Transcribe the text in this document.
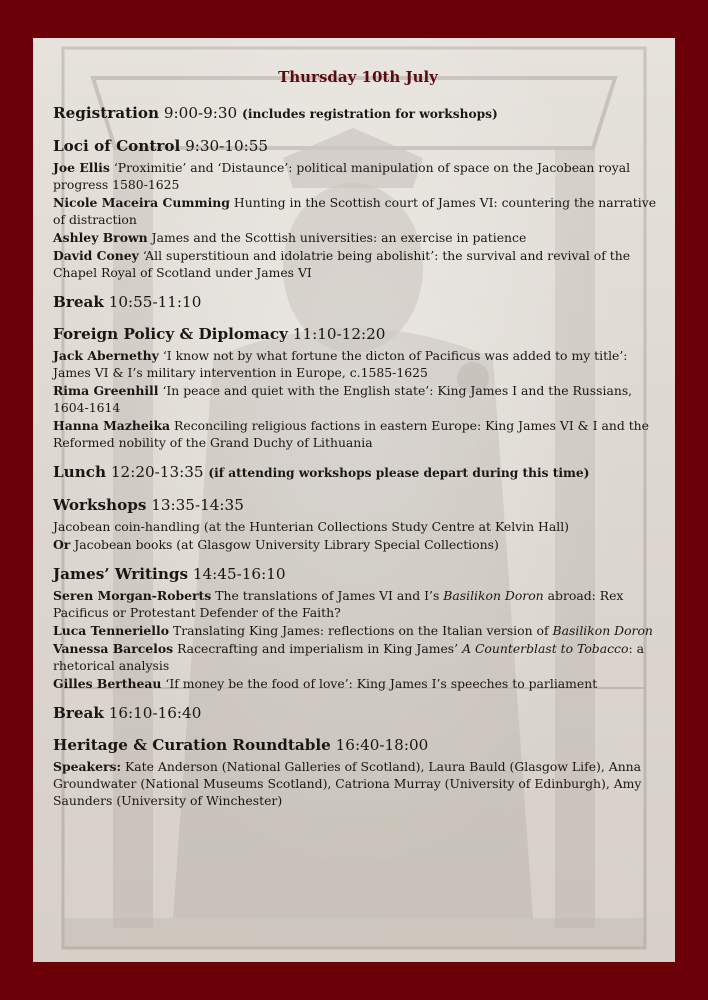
Thursday 10th July
Registration 9:00-9:30 (includes registration for workshops)
Loci of Control 9:30-10:55
Joe Ellis ‘Proximitie’ and ‘Distaunce’: political manipulation of space on the Jacobean royal progress 1580-1625
Nicole Maceira Cumming Hunting in the Scottish court of James VI: countering the narrative of distraction
Ashley Brown James and the Scottish universities: an exercise in patience
David Coney ‘All superstitioun and idolatrie being abolishit’: the survival and revival of the Chapel Royal of Scotland under James VI
Break 10:55-11:10
Foreign Policy & Diplomacy 11:10-12:20
Jack Abernethy ‘I know not by what fortune the dicton of Pacificus was added to my title’: James VI & I’s military intervention in Europe, c.1585-1625
Rima Greenhill ‘In peace and quiet with the English state’: King James I and the Russians, 1604-1614
Hanna Mazheika Reconciling religious factions in eastern Europe: King James VI & I and the Reformed nobility of the Grand Duchy of Lithuania
Lunch 12:20-13:35 (if attending workshops please depart during this time)
Workshops 13:35-14:35
Jacobean coin-handling (at the Hunterian Collections Study Centre at Kelvin Hall)
Or Jacobean books (at Glasgow University Library Special Collections)
James’ Writings 14:45-16:10
Seren Morgan-Roberts The translations of James VI and I’s Basilikon Doron abroad: Rex Pacificus or Protestant Defender of the Faith?
Luca Tenneriello Translating King James: reflections on the Italian version of Basilikon Doron
Vanessa Barcelos Racecrafting and imperialism in King James’ A Counterblast to Tobacco: a rhetorical analysis
Gilles Bertheau ‘If money be the food of love’: King James I’s speeches to parliament
Break 16:10-16:40
Heritage & Curation Roundtable 16:40-18:00
Speakers: Kate Anderson (National Galleries of Scotland), Laura Bauld (Glasgow Life), Anna Groundwater (National Museums Scotland), Catriona Murray (University of Edinburgh), Amy Saunders (University of Winchester)
